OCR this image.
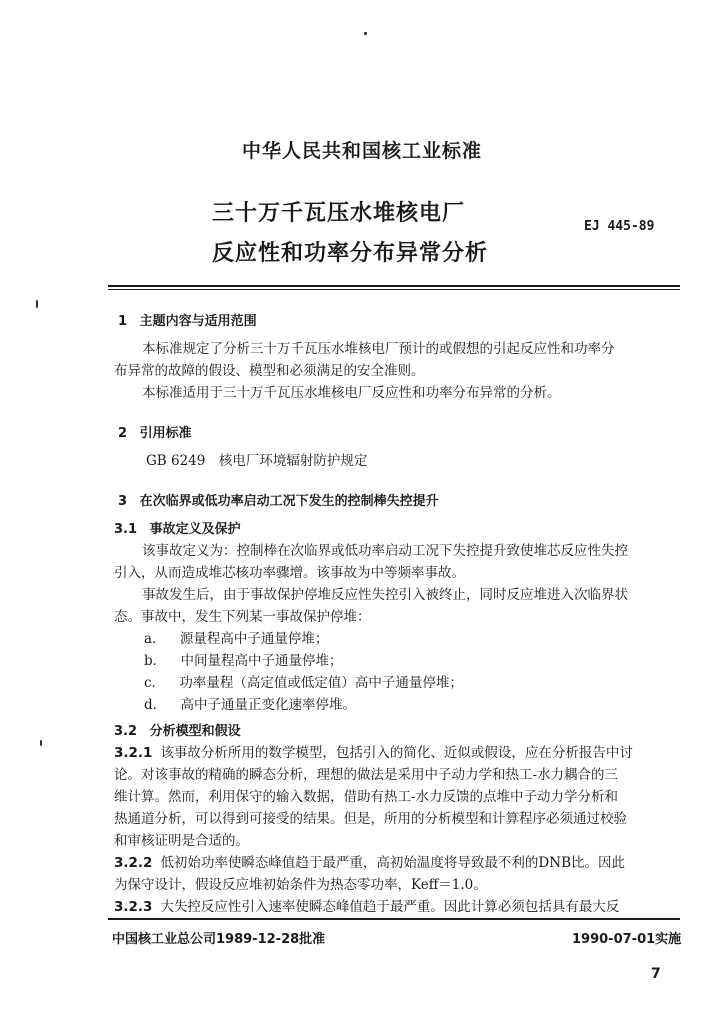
中华人民共和国核工业标准
三十万千瓦压水堆核电厂
反应性和功率分布异常分析
EJ 445-89
1 主题内容与适用范围
本标准规定了分析三十万千瓦压水堆核电厂预计的或假想的引起反应性和功率分
布异常的故障的假设、模型和必须满足的安全准则。
本标准适用于三十万千瓦压水堆核电厂反应性和功率分布异常的分析。
2 引用标准
GB 6249　核电厂环境辐射防护规定
3 在次临界或低功率启动工况下发生的控制棒失控提升
3.1 事故定义及保护
该事故定义为：控制棒在次临界或低功率启动工况下失控提升致使堆芯反应性失控
引入，从而造成堆芯核功率骤增。该事故为中等频率事故。
事故发生后，由于事故保护停堆反应性失控引入被终止，同时反应堆进入次临界状
态。事故中，发生下列某一事故保护停堆：
a． 源量程高中子通量停堆；
b． 中间量程高中子通量停堆；
c． 功率量程（高定值或低定值）高中子通量停堆；
d． 高中子通量正变化速率停堆。
3.2 分析模型和假设
3.2.1 该事故分析所用的数学模型，包括引入的简化、近似或假设，应在分析报告中讨
论。对该事故的精确的瞬态分析，理想的做法是采用中子动力学和热工-水力耦合的三
维计算。然而，利用保守的输入数据，借助有热工-水力反馈的点堆中子动力学分析和
热通道分析，可以得到可接受的结果。但是，所用的分析模型和计算程序必须通过校验
和审核证明是合适的。
3.2.2 低初始功率使瞬态峰值趋于最严重，高初始温度将导致最不利的DNB比。因此
为保守设计，假设反应堆初始条件为热态零功率，Keff＝1.0。
3.2.3 大失控反应性引入速率使瞬态峰值趋于最严重。因此计算必须包括具有最大反
中国核工业总公司1989-12-28批准	1990-07-01实施
7
